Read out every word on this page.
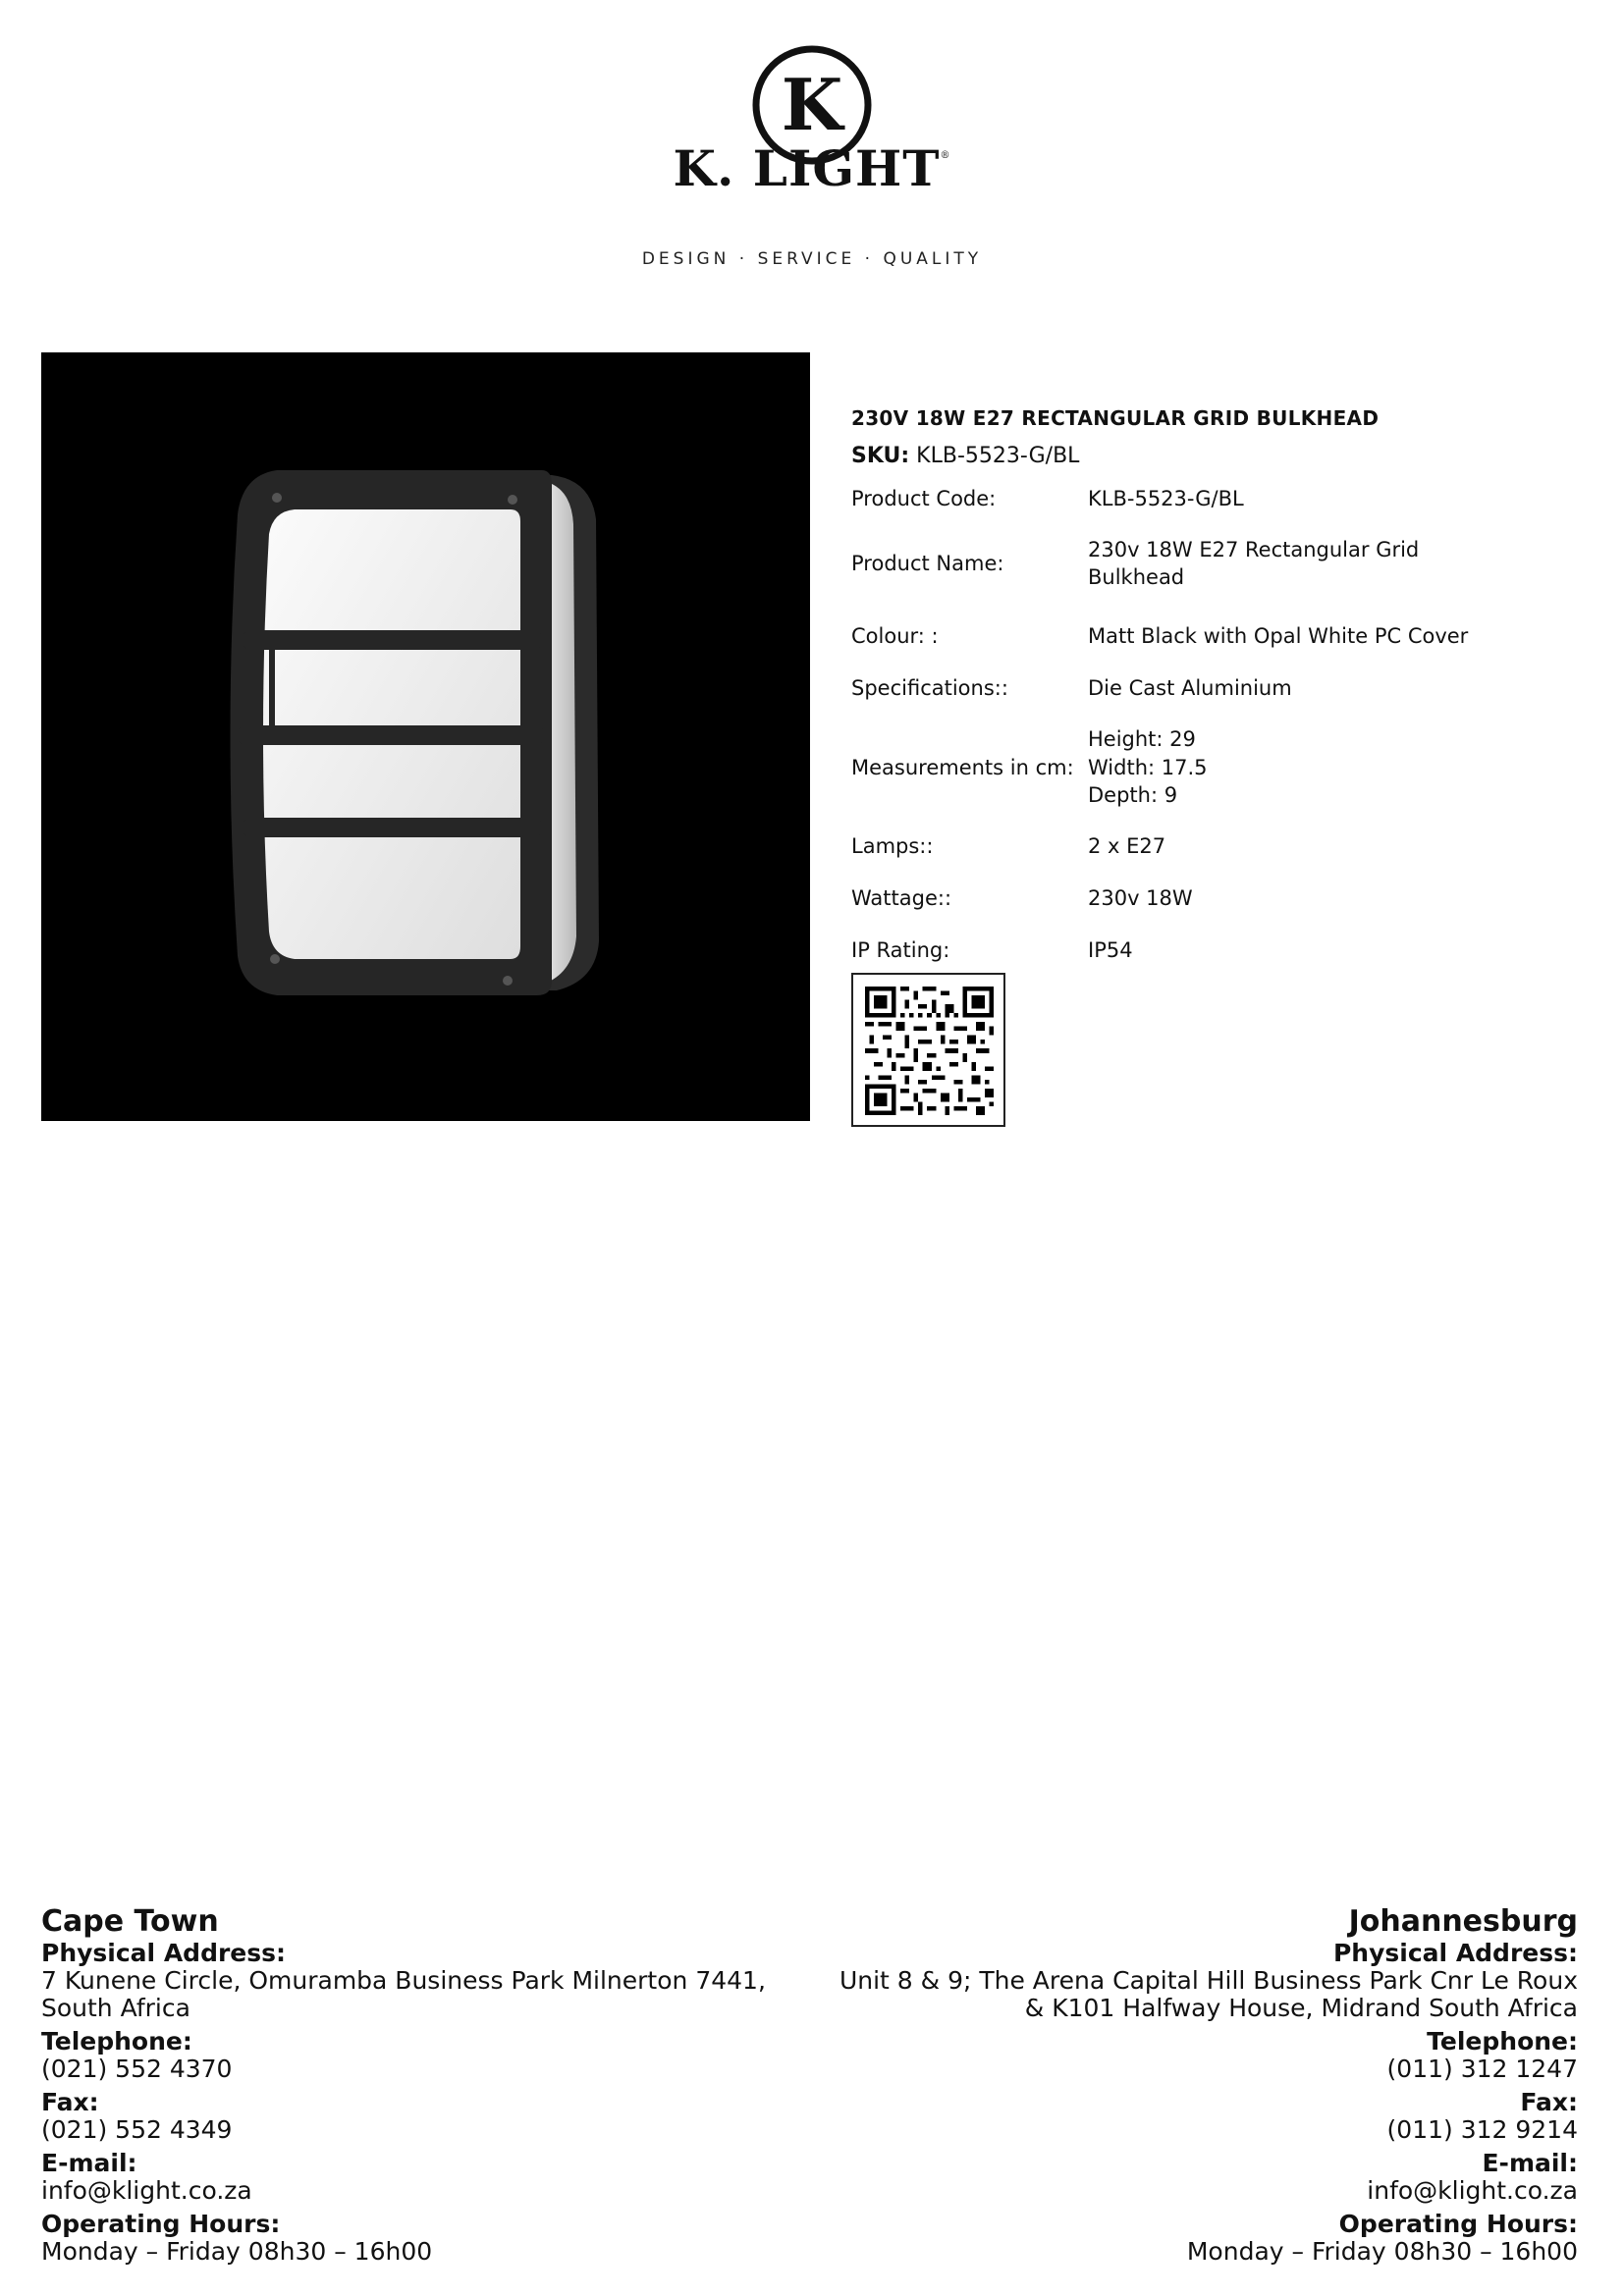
K
K. LIGHT®
DESIGN · SERVICE · QUALITY
230V 18W E27 RECTANGULAR GRID BULKHEAD
SKU: KLB-5523-G/BL
Product Code:	KLB-5523-G/BL

Product Name:	230v 18W E27 Rectangular Grid
Bulkhead

Colour: :	Matt Black with Opal White PC Cover

Specifications::	Die Cast Aluminium

Measurements in cm:	Height: 29
Width: 17.5
Depth: 9

Lamps::	2 x E27

Wattage::	230v 18W

IP Rating:	IP54
Cape Town
Physical Address:
7 Kunene Circle, Omuramba Business Park Milnerton 7441,
South Africa
Telephone:
(021) 552 4370
Fax:
(021) 552 4349
E-mail:
info@klight.co.za
Operating Hours:
Monday – Friday 08h30 – 16h00
Johannesburg
Physical Address:
Unit 8 & 9; The Arena Capital Hill Business Park Cnr Le Roux
& K101 Halfway House, Midrand South Africa
Telephone:
(011) 312 1247
Fax:
(011) 312 9214
E-mail:
info@klight.co.za
Operating Hours:
Monday – Friday 08h30 – 16h00
